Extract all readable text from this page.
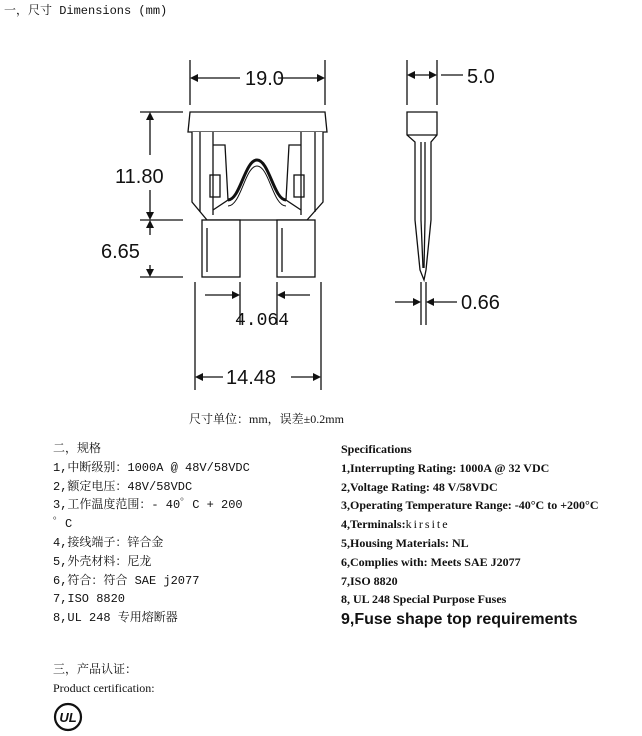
一，尺寸 Dimensions (mm)
19.0	5.0
11.80
6.65
4.064
0.66
14.48
尺寸单位：mm，误差±0.2mm
二，规格
1,中断级别：1000A @ 48V/58VDC
2,额定电压：48V/58VDC
3,工作温度范围：- 40゜C + 200
゜C
4,接线端子：锌合金
5,外壳材料：尼龙
6,符合：符合 SAE j2077
7,ISO 8820
8,UL 248 专用熔断器
Specifications
1,Interrupting Rating: 1000A @ 32 VDC
2,Voltage Rating: 48 V/58VDC
3,Operating Temperature Range: -40°C to +200°C
4,Terminals:kirsite
5,Housing Materials: NL
6,Complies with: Meets SAE J2077
7,ISO 8820
8, UL 248 Special Purpose Fuses
9,Fuse shape top requirements
三，产品认证：
Product certification:
UL
